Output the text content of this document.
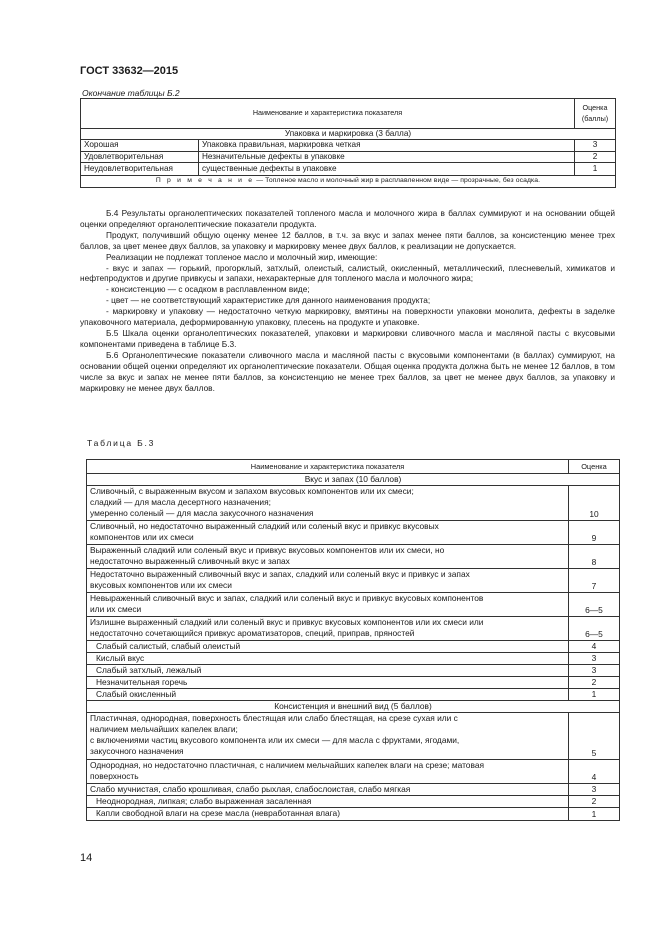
ГОСТ 33632—2015
Окончание таблицы Б.2
Наименование и характеристика показателя		Оценка
(баллы)
Упаковка и маркировка (3 балла)		
Хорошая	Упаковка правильная, маркировка четкая	3
Удовлетворительная	Незначительные дефекты в упаковке	2
Неудовлетворительная	существенные дефекты в упаковке	1
П р и м е ч а н и е — Топленое масло и молочный жир в расплавленном виде — прозрачные, без осадка.		

Б.4 Результаты органолептических показателей топленого масла и молочного жира в баллах суммируют и на основании общей оценки определяют органолептические показатели продукта.

Продукт, получивший общую оценку менее 12 баллов, в т.ч. за вкус и запах менее пяти баллов, за консистенцию менее трех баллов, за цвет менее двух баллов, за упаковку и маркировку менее двух баллов, к реализации не допускается.

Реализации не подлежат топленое масло и молочный жир, имеющие:

- вкус и запах — горький, прогорклый, затхлый, олеистый, салистый, окисленный, металлический, плесневелый, химикатов и нефтепродуктов и другие привкусы и запахи, нехарактерные для топленого масла и молочного жира;

- консистенцию — с осадком в расплавленном виде;

- цвет — не соответствующий характеристике для данного наименования продукта;

- маркировку и упаковку — недостаточно четкую маркировку, вмятины на поверхности упаковки монолита, дефекты в заделке упаковочного материала, деформированную упаковку, плесень на продукте и упаковке.

Б.5 Шкала оценки органолептических показателей, упаковки и маркировки сливочного масла и масляной пасты с вкусовыми компонентами приведена в таблице Б.3.

Б.6 Органолептические показатели сливочного масла и масляной пасты с вкусовыми компонентами (в баллах) суммируют, на основании общей оценки определяют их органолептические показатели. Общая оценка продукта должна быть не менее 12 баллов, в том числе за вкус и запах не менее пяти баллов, за консистенцию не менее трех баллов, за цвет не менее двух баллов, за упаковку и маркировку не менее двух баллов.

Таблица Б.3
Наименование и характеристика показателя	Оценка
Вкус и запах (10 баллов)	
Сливочный, с выраженным вкусом и запахом вкусовых компонентов или их смеси;
сладкий — для масла десертного назначения;
умеренно соленый — для масла закусочного назначения	10
Сливочный, но недостаточно выраженный сладкий или соленый вкус и привкус вкусовых
компонентов или их смеси	9
Выраженный сладкий или соленый вкус и привкус вкусовых компонентов или их смеси, но
недостаточно выраженный сливочный вкус и запах	8
Недостаточно выраженный сливочный вкус и запах, сладкий или соленый вкус и привкус и запах
вкусовых компонентов или их смеси	7
Невыраженный сливочный вкус и запах, сладкий или соленый вкус и привкус вкусовых компонентов
или их смеси	6—5
Излишне выраженный сладкий или соленый вкус и привкус вкусовых компонентов или их смеси или
недостаточно сочетающийся привкус ароматизаторов, специй, приправ, пряностей	6—5
Слабый салистый, слабый олеистый	4
Кислый вкус	3
Слабый затхлый, лежалый	3
Незначительная горечь	2
Слабый окисленный	1
Консистенция и внешний вид (5 баллов)	
Пластичная, однородная, поверхность блестящая или слабо блестящая, на срезе сухая или с
наличием мельчайших капелек влаги;
с включениями частиц вкусового компонента или их смеси — для масла с фруктами, ягодами,
закусочного назначения	5
Однородная, но недостаточно пластичная, с наличием мельчайших капелек влаги на срезе; матовая
поверхность	4
Слабо мучнистая, слабо крошливая, слабо рыхлая, слабослоистая, слабо мягкая	3
Неоднородная, липкая; слабо выраженная засаленная	2
Капли свободной влаги на срезе масла (невработанная влага)	1
14
